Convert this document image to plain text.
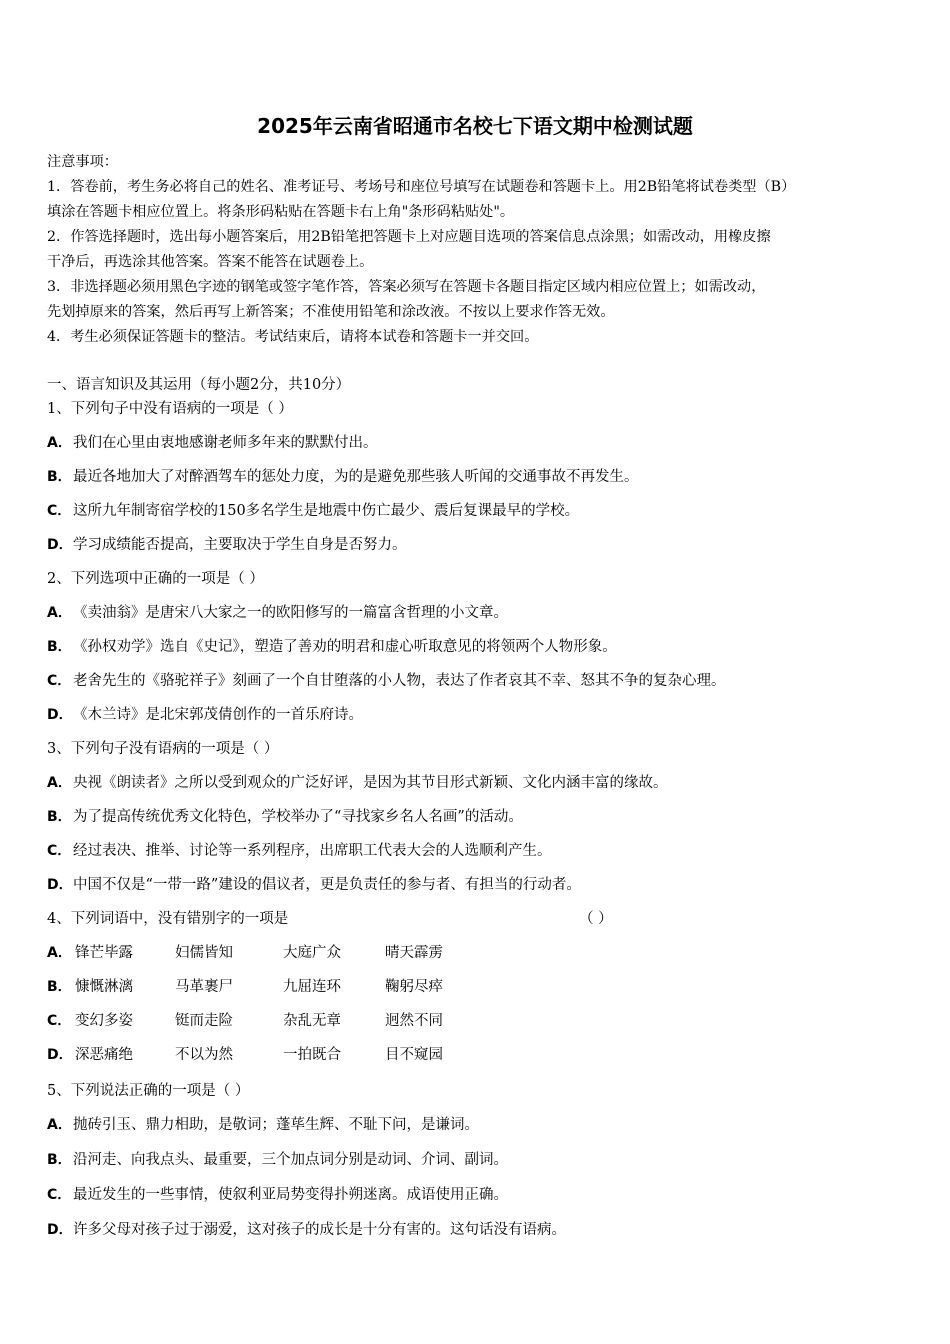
2025年云南省昭通市名校七下语文期中检测试题

注意事项：

1．答卷前，考生务必将自己的姓名、准考证号、考场号和座位号填写在试题卷和答题卡上。用2B铅笔将试卷类型（B）

填涂在答题卡相应位置上。将条形码粘贴在答题卡右上角"条形码粘贴处"。

2．作答选择题时，选出每小题答案后，用2B铅笔把答题卡上对应题目选项的答案信息点涂黑；如需改动，用橡皮擦

干净后，再选涂其他答案。答案不能答在试题卷上。

3．非选择题必须用黑色字迹的钢笔或签字笔作答，答案必须写在答题卡各题目指定区域内相应位置上；如需改动，

先划掉原来的答案，然后再写上新答案；不准使用铅笔和涂改液。不按以上要求作答无效。

4．考生必须保证答题卡的整洁。考试结束后，请将本试卷和答题卡一并交回。

一、语言知识及其运用（每小题2分，共10分）
1、下列句子中没有语病的一项是（ ）
A．我们在心里由衷地感谢老师多年来的默默付出。
B．最近各地加大了对醉酒驾车的惩处力度，为的是避免那些骇人听闻的交通事故不再发生。
C． 这所九年制寄宿学校的150多名学生是地震中伤亡最少、震后复课最早的学校。
D．学习成绩能否提高，主要取决于学生自身是否努力。
2、下列选项中正确的一项是（ ）
A．《卖油翁》是唐宋八大家之一的欧阳修写的一篇富含哲理的小文章。
B．《孙权劝学》选自《史记》，塑造了善劝的明君和虚心听取意见的将领两个人物形象。
C． 老舍先生的《骆驼祥子》刻画了一个自甘堕落的小人物，表达了作者哀其不幸、怒其不争的复杂心理。
D．《木兰诗》是北宋郭茂倩创作的一首乐府诗。
3、下列句子没有语病的一项是（ ）
A．央视《朗读者》之所以受到观众的广泛好评，是因为其节目形式新颖、文化内涵丰富的缘故。
B．为了提高传统优秀文化特色，学校举办了“寻找家乡名人名画”的活动。
C． 经过表决、推举、讨论等一系列程序，出席职工代表大会的人选顺利产生。
D．中国不仅是“一带一路”建设的倡议者，更是负责任的参与者、有担当的行动者。
4、下列词语中，没有错别字的一项是	（ ）
A． 锋芒毕露	妇儒皆知	大庭广众	晴天霹雳
B． 慷慨淋漓	马革裹尸	九屈连环	鞠躬尽瘁
C． 变幻多姿	铤而走险	杂乱无章	迥然不同
D． 深恶痛绝	不以为然	一拍既合	目不窥园
5、下列说法正确的一项是（ ）
A．抛砖引玉、鼎力相助，是敬词；蓬荜生辉、不耻下问，是谦词。
B．沿河走、向我点头、最重要，三个加点词分别是动词、介词、副词。
C． 最近发生的一些事情，使叙利亚局势变得扑朔迷离。成语使用正确。
D．许多父母对孩子过于溺爱，这对孩子的成长是十分有害的。这句话没有语病。
